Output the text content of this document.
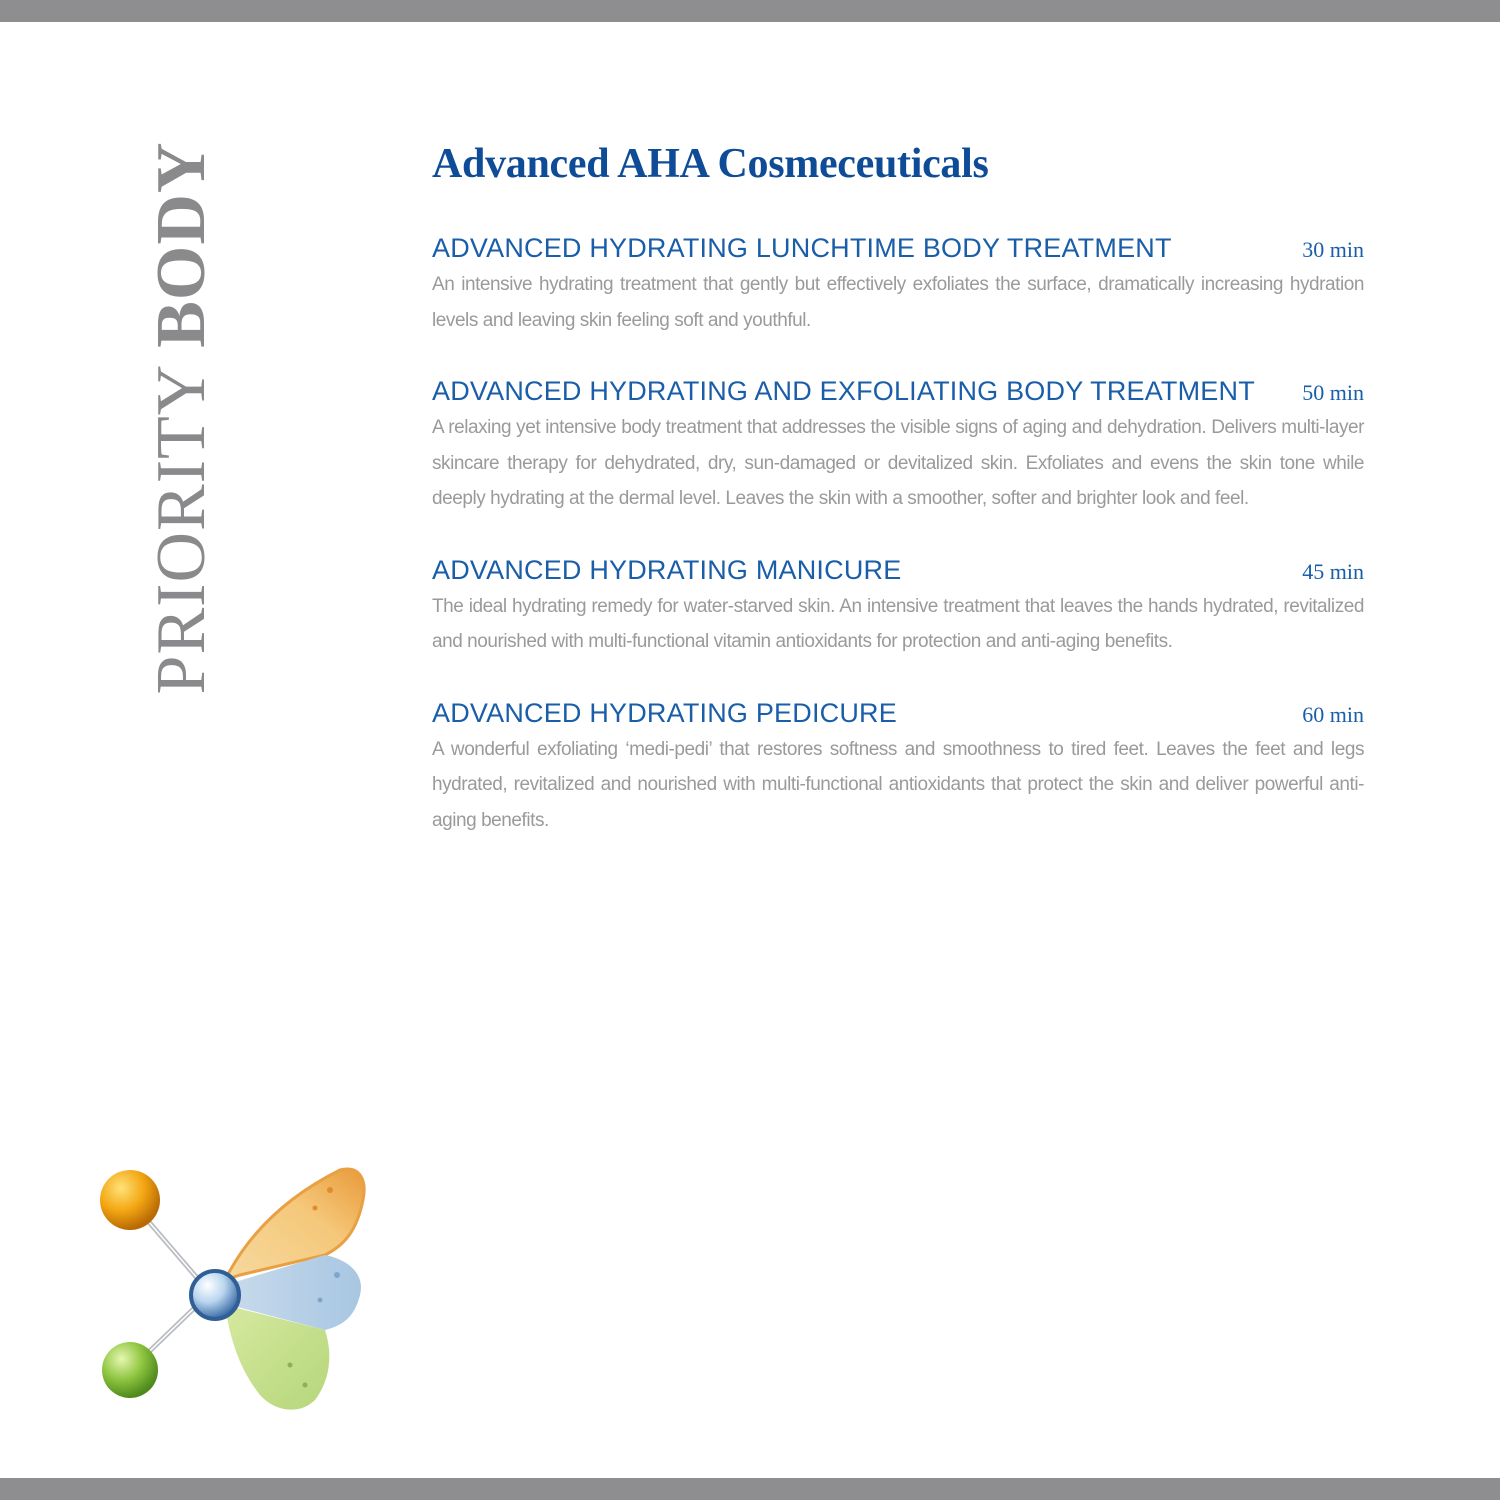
PRIORITY BODY	Advanced AHA Cosmeceuticals
ADVANCED HYDRATING LUNCHTIME BODY TREATMENT	30 min

An intensive hydrating treatment that gently but effectively exfoliates the surface, dramatically increasing hydration levels and leaving skin feeling soft and youthful.

ADVANCED HYDRATING AND EXFOLIATING BODY TREATMENT	50 min

A relaxing yet intensive body treatment that addresses the visible signs of aging and dehydration. Delivers multi-layer skincare therapy for dehydrated, dry, sun-damaged or devitalized skin. Exfoliates and evens the skin tone while deeply hydrating at the dermal level. Leaves the skin with a smoother, softer and brighter look and feel.

ADVANCED HYDRATING MANICURE	45 min

The ideal hydrating remedy for water-starved skin. An intensive treatment that leaves the hands hydrated, revitalized and nourished with multi-functional vitamin antioxidants for protection and anti-aging benefits.

ADVANCED HYDRATING PEDICURE	60 min

A wonderful exfoliating ‘medi-pedi’ that restores softness and smoothness to tired feet. Leaves the feet and legs hydrated, revitalized and nourished with multi-functional antioxidants that protect the skin and deliver powerful anti-aging benefits.
